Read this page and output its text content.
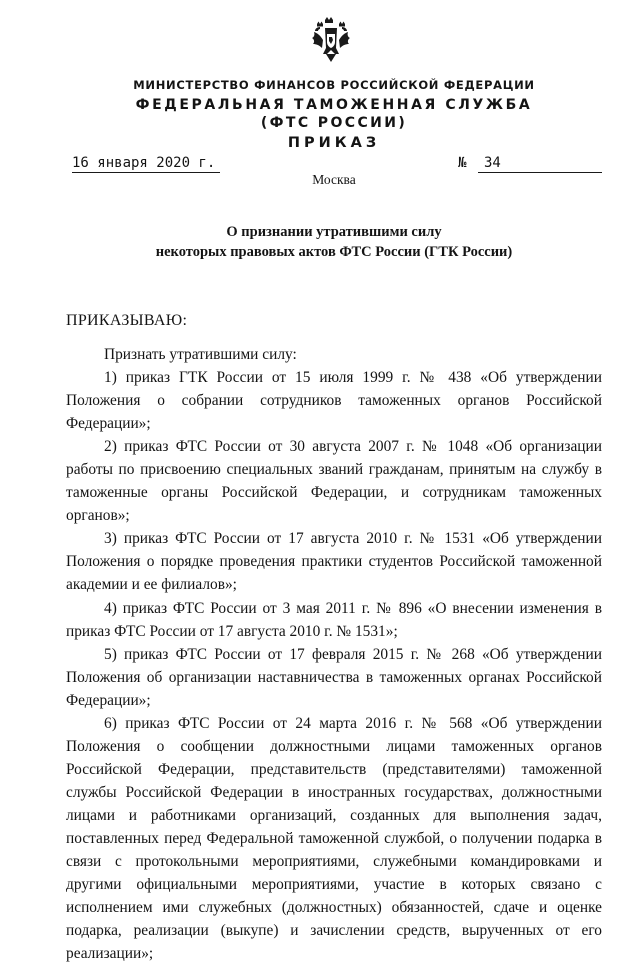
МИНИСТЕРСТВО ФИНАНСОВ РОССИЙСКОЙ ФЕДЕРАЦИИ
ФЕДЕРАЛЬНАЯ ТАМОЖЕННАЯ СЛУЖБА
(ФТС РОССИИ)
ПРИКАЗ
16 января 2020 г.	№	34
Москва
О признании утратившими силу
некоторых правовых актов ФТС России (ГТК России)
ПРИКАЗЫВАЮ:

Признать утратившими силу:

1) приказ ГТК России от 15 июля 1999 г. № 438 «Об утверждении Положения о собрании сотрудников таможенных органов Российской Федерации»;

2) приказ ФТС России от 30 августа 2007 г. № 1048 «Об организации работы по присвоению специальных званий гражданам, принятым на службу в таможенные органы Российской Федерации, и сотрудникам таможенных органов»;

3) приказ ФТС России от 17 августа 2010 г. № 1531 «Об утверждении Положения о порядке проведения практики студентов Российской таможенной академии и ее филиалов»;

4) приказ ФТС России от 3 мая 2011 г. № 896 «О внесении изменения в приказ ФТС России от 17 августа 2010 г. № 1531»;

5) приказ ФТС России от 17 февраля 2015 г. № 268 «Об утверждении Положения об организации наставничества в таможенных органах Российской Федерации»;

6) приказ ФТС России от 24 марта 2016 г. № 568 «Об утверждении Положения о сообщении должностными лицами таможенных органов Российской Федерации, представительств (представителями) таможенной службы Российской Федерации в иностранных государствах, должностными лицами и работниками организаций, созданных для выполнения задач, поставленных перед Федеральной таможенной службой, о получении подарка в связи с протокольными мероприятиями, служебными командировками и другими официальными мероприятиями, участие в которых связано с исполнением ими служебных (должностных) обязанностей, сдаче и оценке подарка, реализации (выкупе) и зачислении средств, вырученных от его реализации»;
